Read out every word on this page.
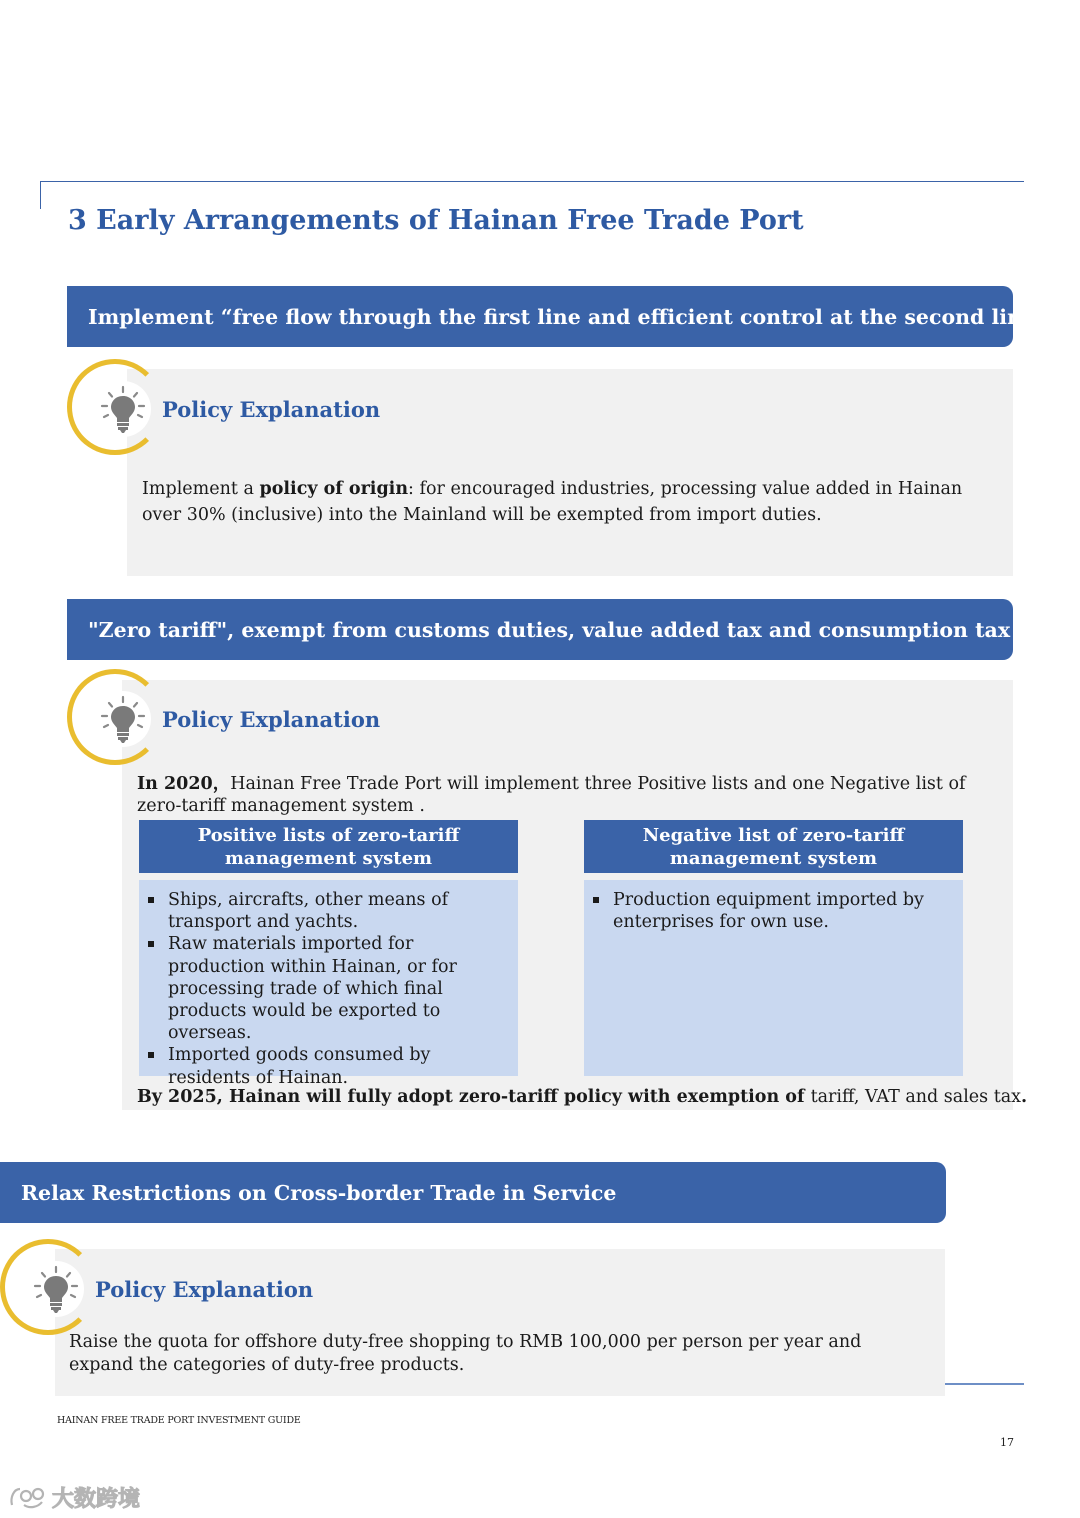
3 Early Arrangements of Hainan Free Trade Port
Implement “free flow through the first line and efficient control at the second line”
Policy Explanation
Implement a policy of origin: for encouraged industries, processing value added in Hainan over 30% (inclusive) into the Mainland will be exempted from import duties.
"Zero tariff", exempt from customs duties, value added tax and consumption tax
Policy Explanation
In 2020，Hainan Free Trade Port will implement three Positive lists and one Negative list of zero-tariff management system .
Positive lists of zero-tariff management system
Ships, aircrafts, other means of transport and yachts.
Raw materials imported for production within Hainan, or for processing trade of which final products would be exported to overseas.
Imported goods consumed by residents of Hainan.
Negative list of zero-tariff management system
Production equipment imported by enterprises for own use.
By 2025, Hainan will fully adopt zero-tariff policy with exemption of tariff, VAT and sales tax.
Relax Restrictions on Cross-border Trade in Service
Policy Explanation
Raise the quota for offshore duty-free shopping to RMB 100,000 per person per year and expand the categories of duty-free products.
HAINAN FREE TRADE PORT INVESTMENT GUIDE
17
大数跨境
